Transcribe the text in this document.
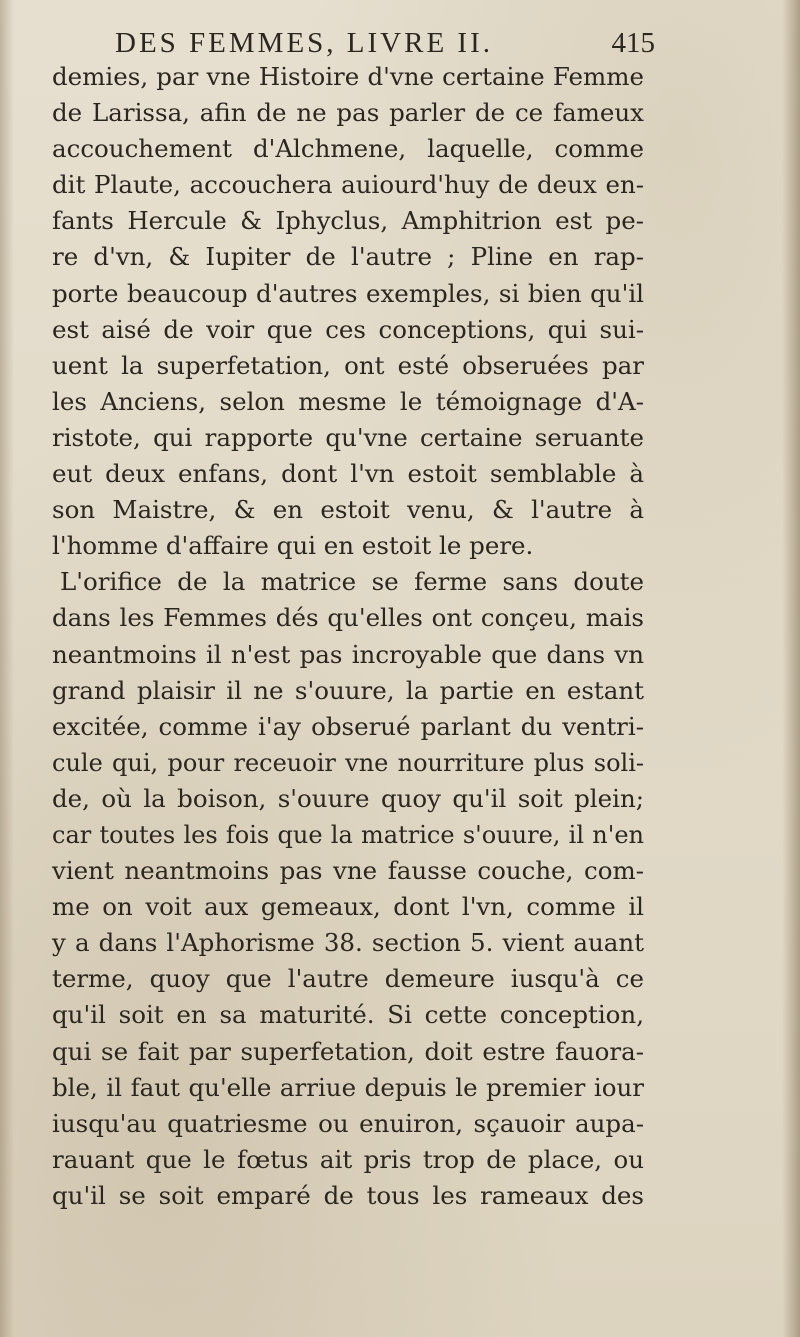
DES FEMMES, LIVRE II.	415
demies, par vne Histoire d'vne certaine Femme
de Larissa, afin de ne pas parler de ce fameux
accouchement d'Alchmene, laquelle, comme
dit Plaute, accouchera auiourd'huy de deux en-
fants Hercule & Iphyclus, Amphitrion est pe-
re d'vn, & Iupiter de l'autre ; Pline en rap-
porte beaucoup d'autres exemples, si bien qu'il
est aisé de voir que ces conceptions, qui sui-
uent la superfetation, ont esté obseruées par
les Anciens, selon mesme le témoignage d'A-
ristote, qui rapporte qu'vne certaine seruante
eut deux enfans, dont l'vn estoit semblable à
son Maistre, & en estoit venu, & l'autre à
l'homme d'affaire qui en estoit le pere.
L'orifice de la matrice se ferme sans doute
dans les Femmes dés qu'elles ont conçeu, mais
neantmoins il n'est pas incroyable que dans vn
grand plaisir il ne s'ouure, la partie en estant
excitée, comme i'ay obserué parlant du ventri-
cule qui, pour receuoir vne nourriture plus soli-
de, où la boison, s'ouure quoy qu'il soit plein;
car toutes les fois que la matrice s'ouure, il n'en
vient neantmoins pas vne fausse couche, com-
me on voit aux gemeaux, dont l'vn, comme il
y a dans l'Aphorisme 38. section 5. vient auant
terme, quoy que l'autre demeure iusqu'à ce
qu'il soit en sa maturité. Si cette conception,
qui se fait par superfetation, doit estre fauora-
ble, il faut qu'elle arriue depuis le premier iour
iusqu'au quatriesme ou enuiron, sçauoir aupa-
rauant que le fœtus ait pris trop de place, ou
qu'il se soit emparé de tous les rameaux des
